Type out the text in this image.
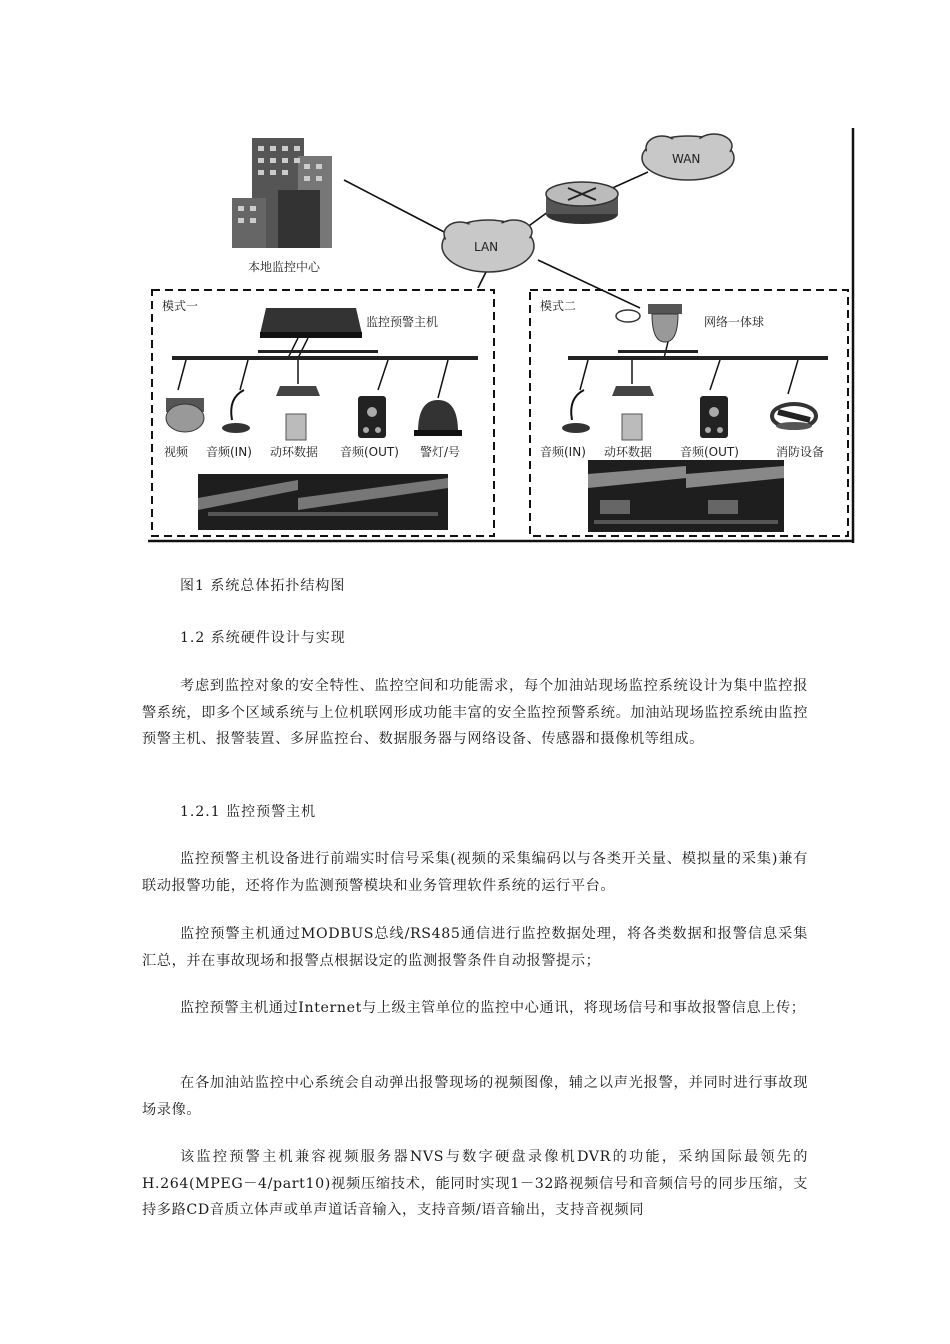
本地监控中心
LAN
WAN
模式一
监控预警主机
视频 音频(IN) 动环数据 音频(OUT) 警灯/号
模式二
网络一体球
音频(IN) 动环数据 音频(OUT)	消防设备
图1 系统总体拓扑结构图
1.2 系统硬件设计与实现

考虑到监控对象的安全特性、监控空间和功能需求，每个加油站现场监控系统设计为集中监控报警系统，即多个区域系统与上位机联网形成功能丰富的安全监控预警系统。加油站现场监控系统由监控预警主机、报警装置、多屏监控台、数据服务器与网络设备、传感器和摄像机等组成。

1.2.1 监控预警主机

监控预警主机设备进行前端实时信号采集(视频的采集编码以与各类开关量、模拟量的采集)兼有联动报警功能，还将作为监测预警模块和业务管理软件系统的运行平台。

监控预警主机通过MODBUS总线/RS485通信进行监控数据处理，将各类数据和报警信息采集汇总，并在事故现场和报警点根据设定的监测报警条件自动报警提示；

监控预警主机通过Internet与上级主管单位的监控中心通讯，将现场信号和事故报警信息上传；

在各加油站监控中心系统会自动弹出报警现场的视频图像，辅之以声光报警，并同时进行事故现场录像。

该监控预警主机兼容视频服务器NVS与数字硬盘录像机DVR的功能，采纳国际最领先的H.264(MPEG－4/part10)视频压缩技术，能同时实现1－32路视频信号和音频信号的同步压缩，支持多路CD音质立体声或单声道话音输入，支持音频/语音输出，支持音视频同
